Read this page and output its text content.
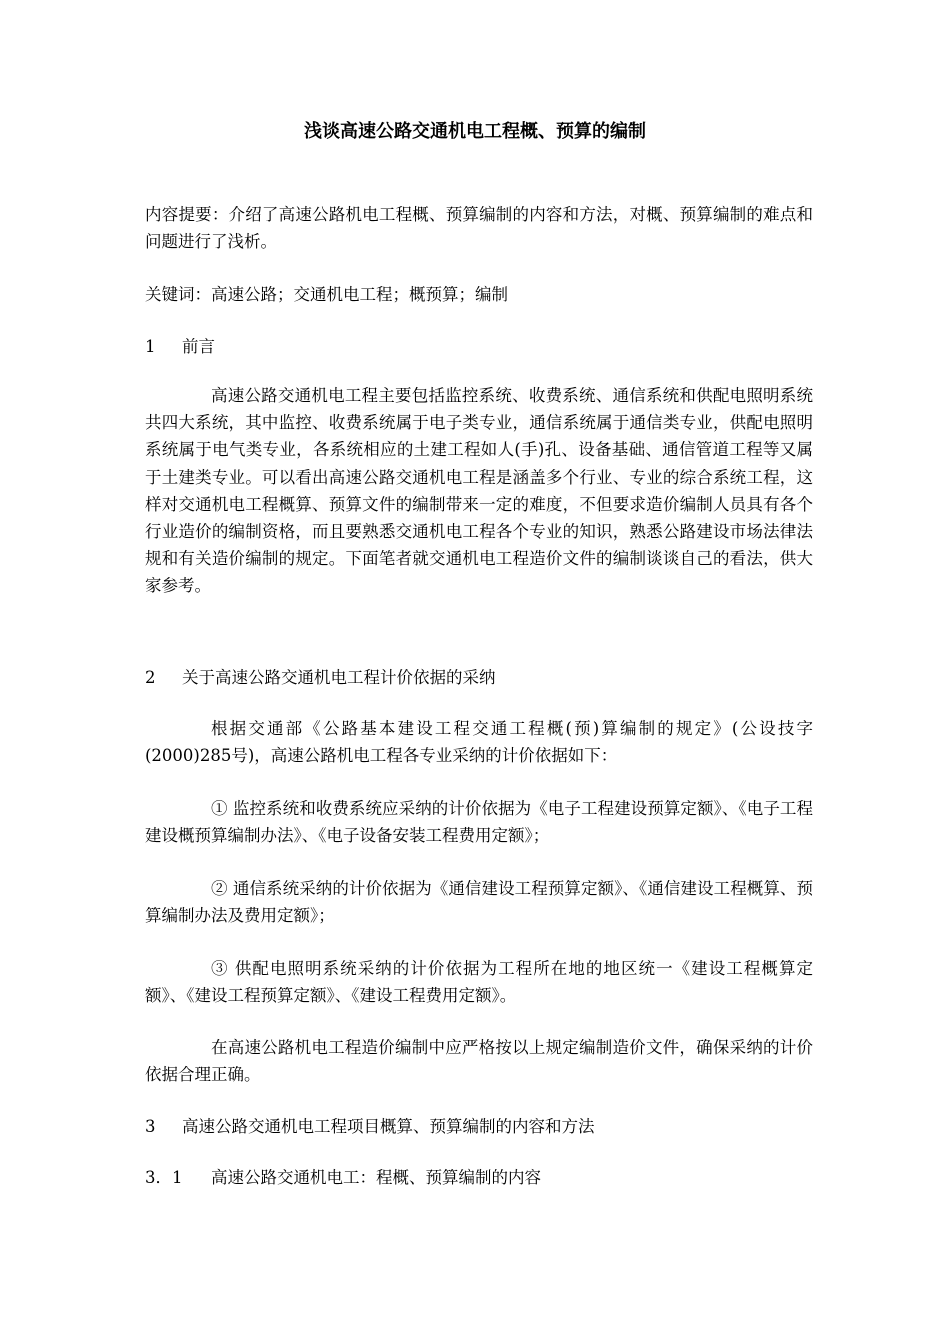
浅谈高速公路交通机电工程概、预算的编制

内容提要：介绍了高速公路机电工程概、预算编制的内容和方法，对概、预算编制的难点和问题进行了浅析。

关键词：高速公路；交通机电工程；概预算；编制

1 前言

高速公路交通机电工程主要包括监控系统、收费系统、通信系统和供配电照明系统共四大系统，其中监控、收费系统属于电子类专业，通信系统属于通信类专业，供配电照明系统属于电气类专业，各系统相应的土建工程如人(手)孔、设备基础、通信管道工程等又属于土建类专业。可以看出高速公路交通机电工程是涵盖多个行业、专业的综合系统工程，这样对交通机电工程概算、预算文件的编制带来一定的难度，不但要求造价编制人员具有各个行业造价的编制资格，而且要熟悉交通机电工程各个专业的知识，熟悉公路建设市场法律法规和有关造价编制的规定。下面笔者就交通机电工程造价文件的编制谈谈自己的看法，供大家参考。

2 关于高速公路交通机电工程计价依据的采纳

根据交通部《公路基本建设工程交通工程概(预)算编制的规定》(公设技字(2000)285号)，高速公路机电工程各专业采纳的计价依据如下：

① 监控系统和收费系统应采纳的计价依据为《电子工程建设预算定额》、《电子工程建设概预算编制办法》、《电子设备安装工程费用定额》；

② 通信系统采纳的计价依据为《通信建设工程预算定额》、《通信建设工程概算、预算编制办法及费用定额》；

③ 供配电照明系统采纳的计价依据为工程所在地的地区统一《建设工程概算定额》、《建设工程预算定额》、《建设工程费用定额》。

在高速公路机电工程造价编制中应严格按以上规定编制造价文件，确保采纳的计价依据合理正确。

3 高速公路交通机电工程项目概算、预算编制的内容和方法

3．1 高速公路交通机电工：程概、预算编制的内容
